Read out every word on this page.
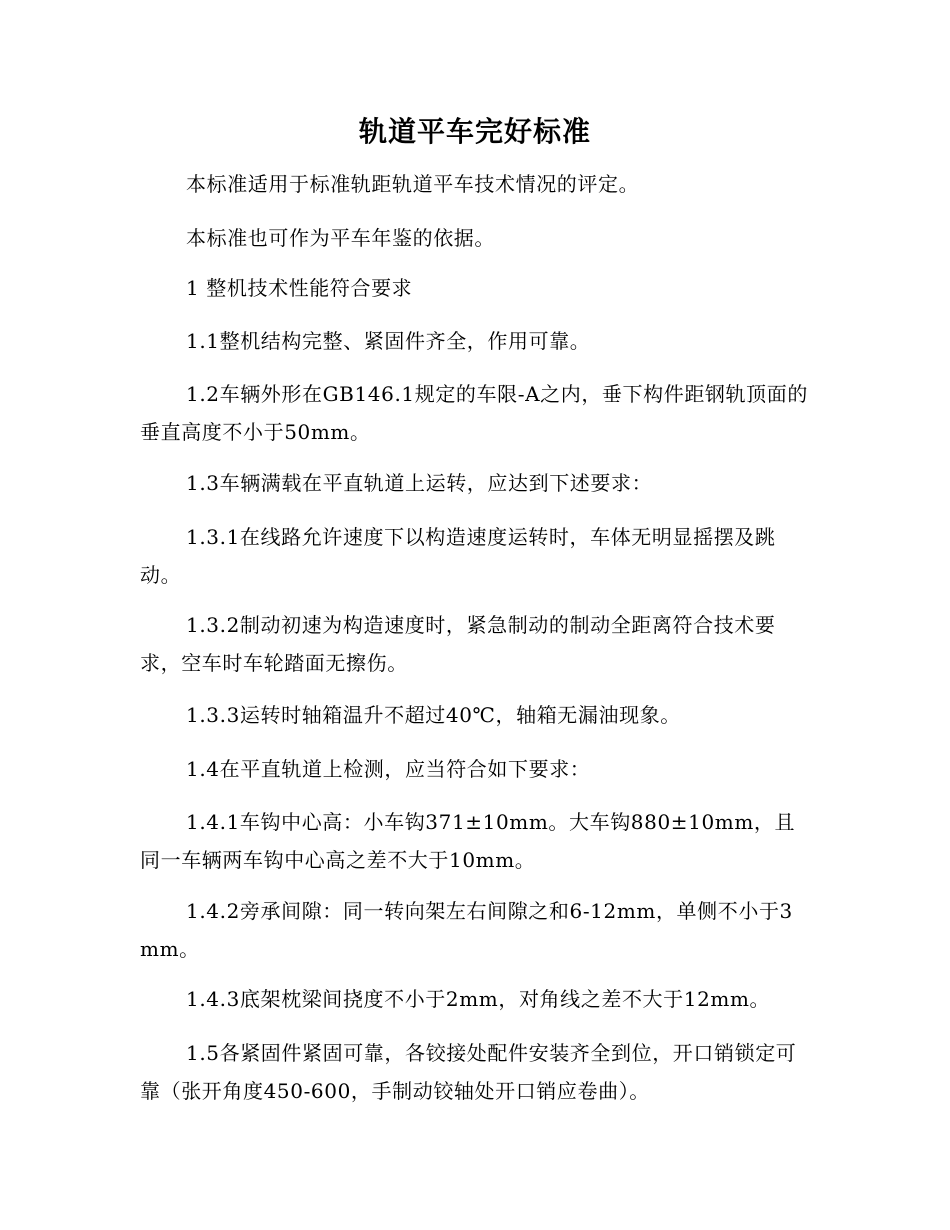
轨道平车完好标准

本标准适用于标准轨距轨道平车技术情况的评定。

本标准也可作为平车年鉴的依据。

1 整机技术性能符合要求

1.1整机结构完整、紧固件齐全，作用可靠。

1.2车辆外形在GB146.1规定的车限-A之内，垂下构件距钢轨顶面的垂直高度不小于50mm。

1.3车辆满载在平直轨道上运转，应达到下述要求：

1.3.1在线路允许速度下以构造速度运转时，车体无明显摇摆及跳动。

1.3.2制动初速为构造速度时，紧急制动的制动全距离符合技术要求，空车时车轮踏面无擦伤。

1.3.3运转时轴箱温升不超过40℃，轴箱无漏油现象。

1.4在平直轨道上检测，应当符合如下要求：

1.4.1车钩中心高：小车钩371±10mm。大车钩880±10mm，且同一车辆两车钩中心高之差不大于10mm。

1.4.2旁承间隙：同一转向架左右间隙之和6-12mm，单侧不小于3mm。

1.4.3底架枕梁间挠度不小于2mm，对角线之差不大于12mm。

1.5各紧固件紧固可靠，各铰接处配件安装齐全到位，开口销锁定可靠（张开角度450-600，手制动铰轴处开口销应卷曲）。
